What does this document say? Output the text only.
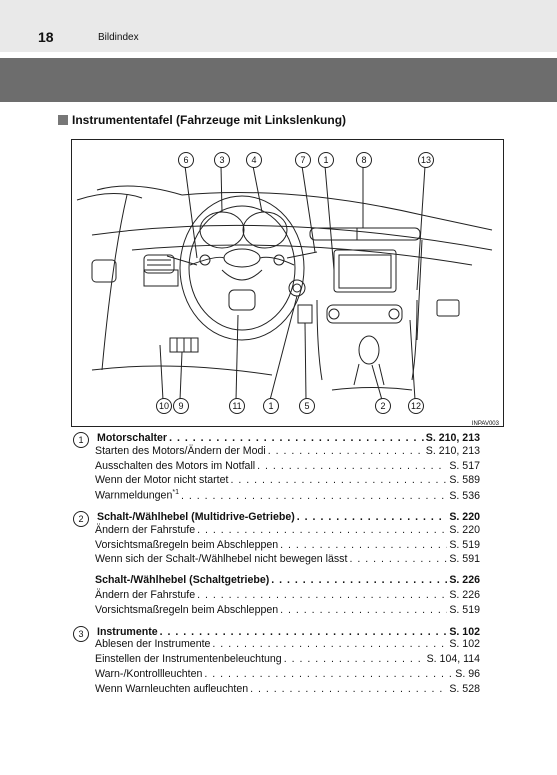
18	Bildindex
Instrumententafel (Fahrzeuge mit Linkslenkung)
6	3	4	7	1	8	13
10	9	11	1	5	2	12
INPAV003
1	Motorschalter . . .	S. 210, 213
Starten des Motors/Ändern der Modi . . .	S. 210, 213
Ausschalten des Motors im Notfall . . .	S. 517
Wenn der Motor nicht startet . . .	S. 589
Warnmeldungen$^{*1}$ . . .	S. 536
2	Schalt-/Wählhebel (Multidrive-Getriebe) . . .	S. 220
Ändern der Fahrstufe . . .	S. 220
Vorsichtsmaßregeln beim Abschleppen . . .	S. 519
Wenn sich der Schalt-/Wählhebel nicht bewegen lässt . . .	S. 591
Schalt-/Wählhebel (Schaltgetriebe) . . .	S. 226
Ändern der Fahrstufe . . .	S. 226
Vorsichtsmaßregeln beim Abschleppen . . .	S. 519
3	Instrumente . . .	S. 102
Ablesen der Instrumente . . .	S. 102
Einstellen der Instrumentenbeleuchtung . . .	S. 104, 114
Warn-/Kontrollleuchten . . .	S. 96
Wenn Warnleuchten aufleuchten . . .	S. 528
